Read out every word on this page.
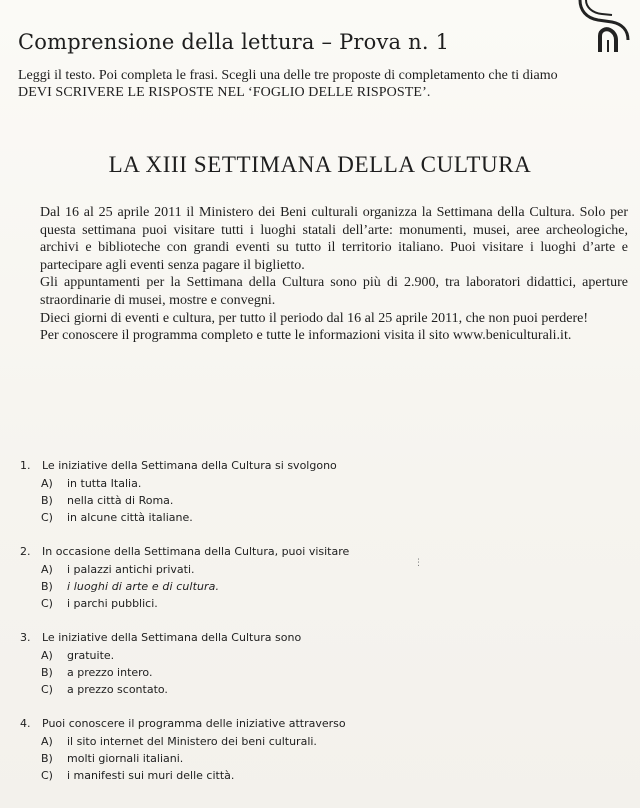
Comprensione della lettura – Prova n. 1
Leggi il testo. Poi completa le frasi. Scegli una delle tre proposte di completamento che ti diamo
DEVI SCRIVERE LE RISPOSTE NEL ‘FOGLIO DELLE RISPOSTE’.
LA XIII SETTIMANA DELLA CULTURA

Dal 16 al 25 aprile 2011 il Ministero dei Beni culturali organizza la Settimana della Cultura. Solo per questa settimana puoi visitare tutti i luoghi statali dell’arte: monumenti, musei, aree archeologiche, archivi e biblioteche con grandi eventi su tutto il territorio italiano. Puoi visitare i luoghi d’arte e partecipare agli eventi senza pagare il biglietto.

Gli appuntamenti per la Settimana della Cultura sono più di 2.900, tra laboratori didattici, aperture straordinarie di musei, mostre e convegni.

Dieci giorni di eventi e cultura, per tutto il periodo dal 16 al 25 aprile 2011, che non puoi perdere!

Per conoscere il programma completo e tutte le informazioni visita il sito www.beniculturali.it.

⋮
1. Le iniziative della Settimana della Cultura si svolgono
A) in tutta Italia.
B) nella città di Roma.
C) in alcune città italiane.
2. In occasione della Settimana della Cultura, puoi visitare
A) i palazzi antichi privati.
B) i luoghi di arte e di cultura.
C) i parchi pubblici.
3. Le iniziative della Settimana della Cultura sono
A) gratuite.
B) a prezzo intero.
C) a prezzo scontato.
4. Puoi conoscere il programma delle iniziative attraverso
A) il sito internet del Ministero dei beni culturali.
B) molti giornali italiani.
C) i manifesti sui muri delle città.
